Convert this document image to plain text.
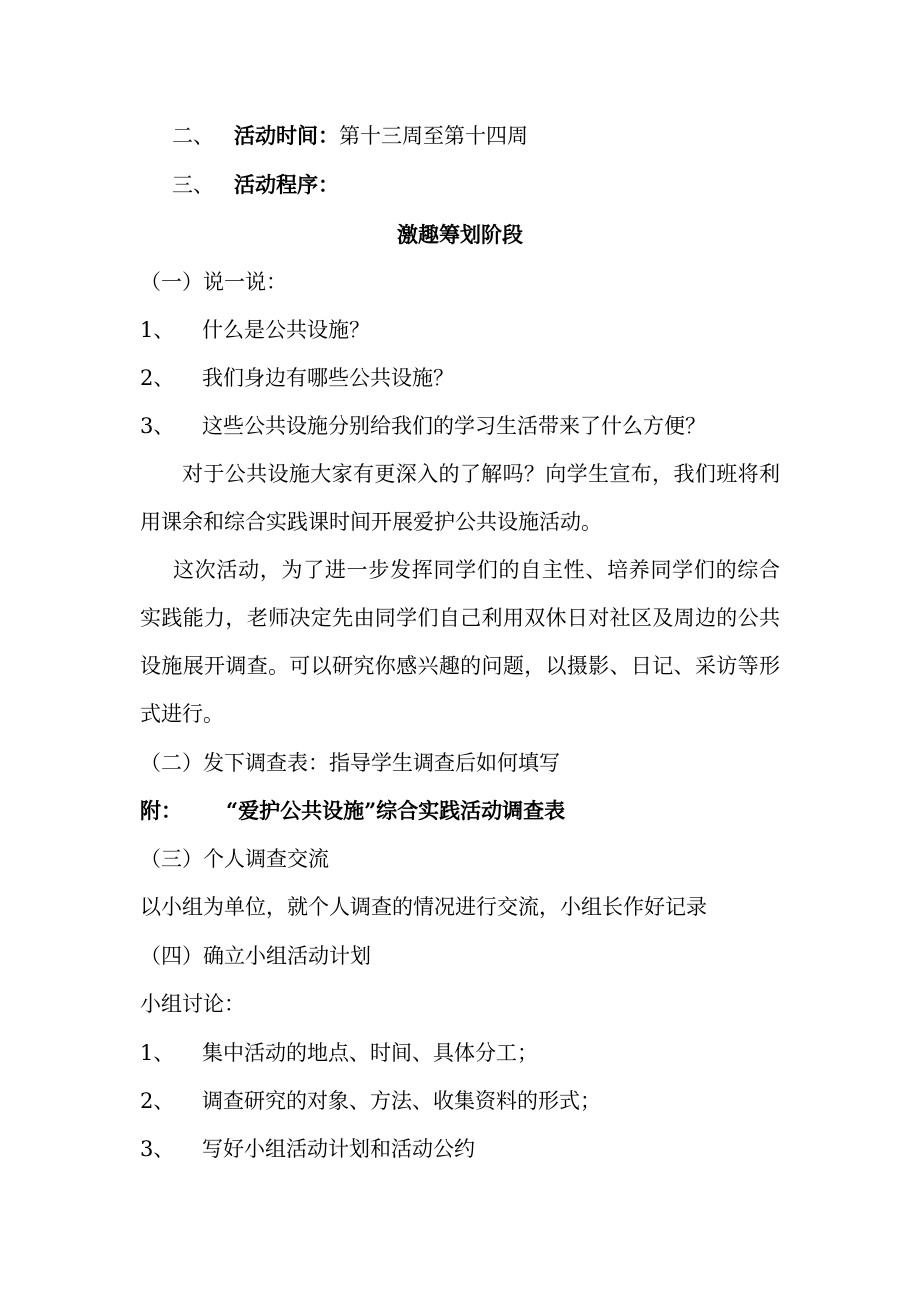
二、 活动时间：第十三周至第十四周
三、 活动程序：
激趣筹划阶段
（一）说一说：
1、 什么是公共设施？
2、 我们身边有哪些公共设施？
3、 这些公共设施分别给我们的学习生活带来了什么方便？
对于公共设施大家有更深入的了解吗？向学生宣布，我们班将利用课余和综合实践课时间开展爱护公共设施活动。
这次活动，为了进一步发挥同学们的自主性、培养同学们的综合实践能力，老师决定先由同学们自己利用双休日对社区及周边的公共设施展开调查。可以研究你感兴趣的问题，以摄影、日记、采访等形式进行。
（二）发下调查表：指导学生调查后如何填写
附： “爱护公共设施”综合实践活动调查表
（三）个人调查交流
以小组为单位，就个人调查的情况进行交流，小组长作好记录
（四）确立小组活动计划
小组讨论：
1、 集中活动的地点、时间、具体分工；
2、 调查研究的对象、方法、收集资料的形式；
3、 写好小组活动计划和活动公约
